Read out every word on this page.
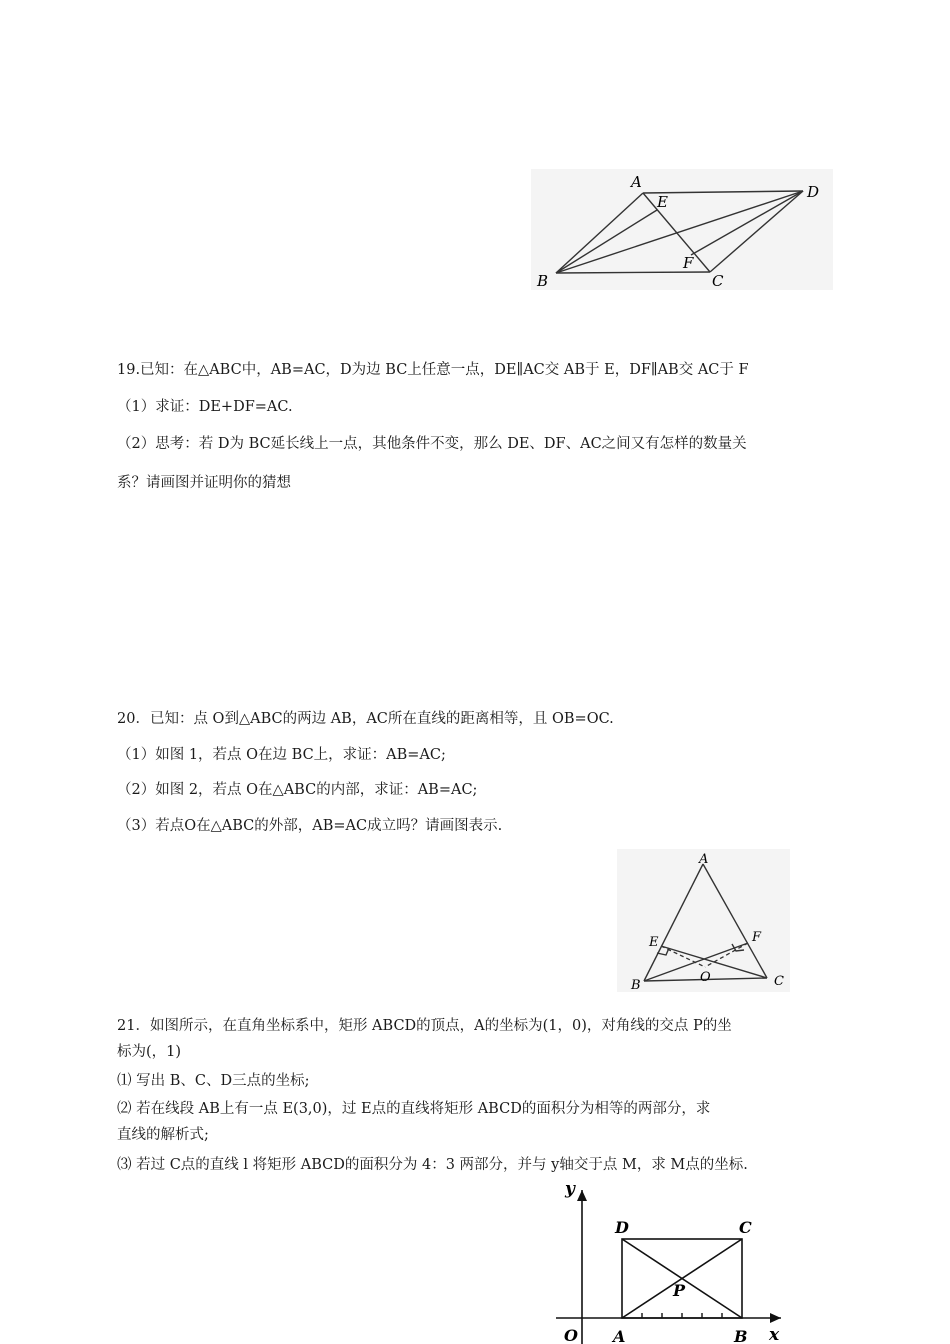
A
D
E
F
B	C
19.已知：在△ABC中，AB=AC，D为边 BC上任意一点，DE∥AC交 AB于 E，DF∥AB交 AC于 F
（1）求证：DE+DF=AC.
（2）思考：若 D为 BC延长线上一点，其他条件不变，那么 DE、DF、AC之间又有怎样的数量关
系？请画图并证明你的猜想
20．已知：点 O到△ABC的两边 AB，AC所在直线的距离相等，且 OB=OC.
（1）如图 1，若点 O在边 BC上，求证：AB=AC;
（2）如图 2，若点 O在△ABC的内部，求证：AB=AC;
（3）若点O在△ABC的外部，AB=AC成立吗？请画图表示.
A
E	F
O
B	C
21．如图所示，在直角坐标系中，矩形 ABCD的顶点，A的坐标为(1，0)，对角线的交点 P的坐
标为(，1)
⑴ 写出 B、C、D三点的坐标;
⑵ 若在线段 AB上有一点 E(3,0)，过 E点的直线将矩形 ABCD的面积分为相等的两部分，求
直线的解析式;
⑶ 若过 C点的直线 l 将矩形 ABCD的面积分为 4：3 两部分，并与 y轴交于点 M，求 M点的坐标.
y
x
O A	B
C
D
P
